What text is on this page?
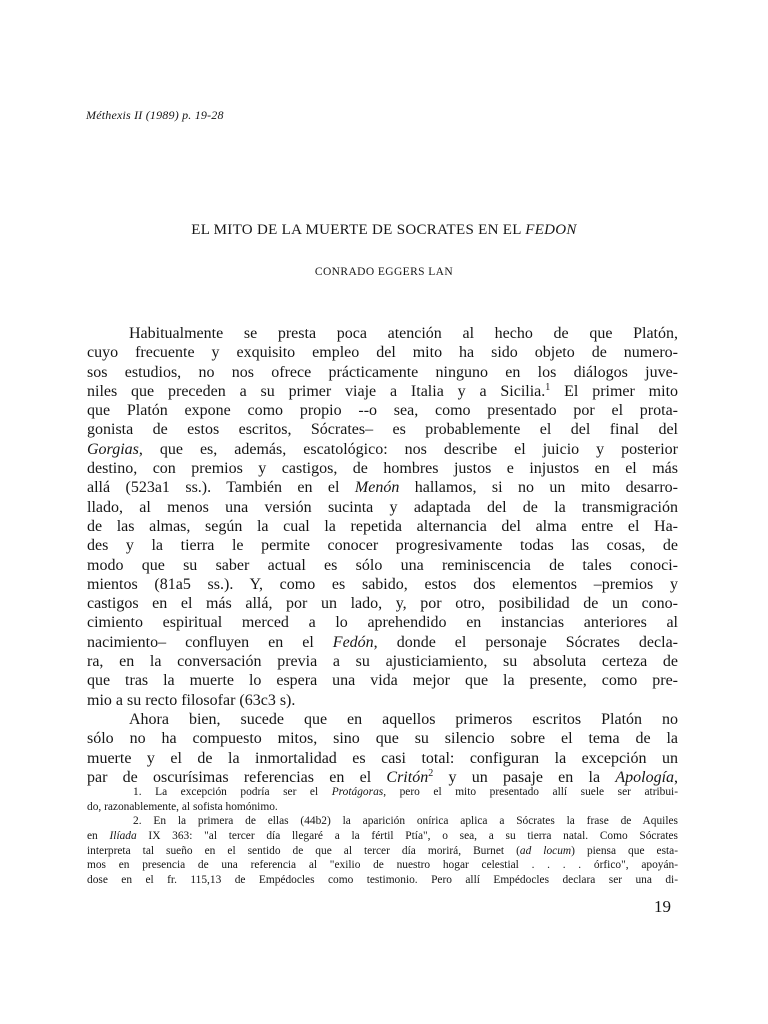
Méthexis II (1989) p. 19-28
EL MITO DE LA MUERTE DE SOCRATES EN EL FEDON
CONRADO EGGERS LAN
Habitualmente se presta poca atención al hecho de que Platón,
cuyo frecuente y exquisito empleo del mito ha sido objeto de numero-
sos estudios, no nos ofrece prácticamente ninguno en los diálogos juve-
niles que preceden a su primer viaje a Italia y a Sicilia.$^1$ El primer mito
que Platón expone como propio --o sea, como presentado por el prota-
gonista de estos escritos, Sócrates– es probablemente el del final del
Gorgias, que es, además, escatológico: nos describe el juicio y posterior
destino, con premios y castigos, de hombres justos e injustos en el más
allá (523a1 ss.). También en el Menón hallamos, si no un mito desarro-
llado, al menos una versión sucinta y adaptada del de la transmigración
de las almas, según la cual la repetida alternancia del alma entre el Ha-
des y la tierra le permite conocer progresivamente todas las cosas, de
modo que su saber actual es sólo una reminiscencia de tales conoci-
mientos (81a5 ss.). Y, como es sabido, estos dos elementos –premios y
castigos en el más allá, por un lado, y, por otro, posibilidad de un cono-
cimiento espiritual merced a lo aprehendido en instancias anteriores al
nacimiento– confluyen en el Fedón, donde el personaje Sócrates decla-
ra, en la conversación previa a su ajusticiamiento, su absoluta certeza de
que tras la muerte lo espera una vida mejor que la presente, como pre-
mio a su recto filosofar (63c3 s).
Ahora bien, sucede que en aquellos primeros escritos Platón no
sólo no ha compuesto mitos, sino que su silencio sobre el tema de la
muerte y el de la inmortalidad es casi total: configuran la excepción un
par de oscurísimas referencias en el Critón$^2$ y un pasaje en la Apología,
1. La excepción podría ser el Protágoras, pero el mito presentado allí suele ser atribui-
do, razonablemente, al sofista homónimo.
2. En la primera de ellas (44b2) la aparición onírica aplica a Sócrates la frase de Aquiles
en Ilíada IX 363: "al tercer día llegaré a la fértil Ptía", o sea, a su tierra natal. Como Sócrates
interpreta tal sueño en el sentido de que al tercer día morirá, Burnet (ad locum) piensa que esta-
mos en presencia de una referencia al "exilio de nuestro hogar celestial . . . . órfico", apoyán-
dose en el fr. 115,13 de Empédocles como testimonio. Pero allí Empédocles declara ser una di-
19
